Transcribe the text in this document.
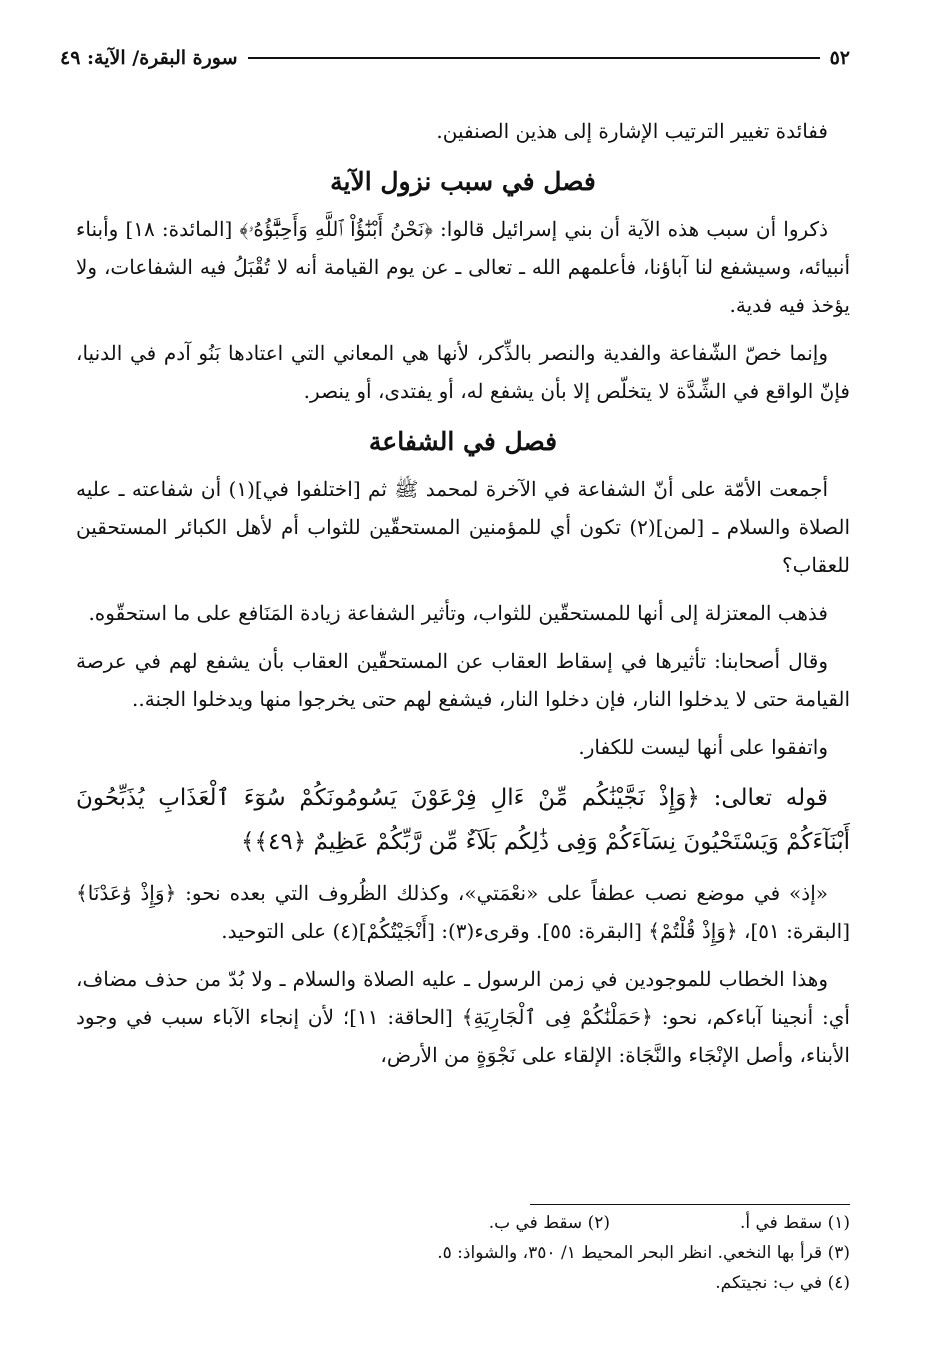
٥٢
سورة البقرة/ الآية: ٤٩

ففائدة تغيير الترتيب الإشارة إلى هذين الصنفين.

فصل في سبب نزول الآية

ذكروا أن سبب هذه الآية أن بني إسرائيل قالوا: ﴿نَحْنُ أَبْنَٰٓؤُاْ ٱللَّهِ وَأَحِبَّٰٓؤُهُۥ﴾ [المائدة: ١٨] وأبناء أنبيائه، وسيشفع لنا آباؤنا، فأعلمهم الله ـ تعالى ـ عن يوم القيامة أنه لا تُقْبَلُ فيه الشفاعات، ولا يؤخذ فيه فدية.

وإنما خصّ الشّفاعة والفدية والنصر بالذِّكر، لأنها هي المعاني التي اعتادها بَنُو آدم في الدنيا، فإنّ الواقع في الشِّدَّة لا يتخلّص إلا بأن يشفع له، أو يفتدى، أو ينصر.

فصل في الشفاعة

أجمعت الأمّة على أنّ الشفاعة في الآخرة لمحمد ﷺ ثم [اختلفوا في](١) أن شفاعته ـ عليه الصلاة والسلام ـ [لمن](٢) تكون أي للمؤمنين المستحقّين للثواب أم لأهل الكبائر المستحقين للعقاب؟

فذهب المعتزلة إلى أنها للمستحقّين للثواب، وتأثير الشفاعة زيادة المَنَافع على ما استحقّوه.

وقال أصحابنا: تأثيرها في إسقاط العقاب عن المستحقّين العقاب بأن يشفع لهم في عرصة القيامة حتى لا يدخلوا النار، فإن دخلوا النار، فيشفع لهم حتى يخرجوا منها ويدخلوا الجنة..

واتفقوا على أنها ليست للكفار.

قوله تعالى: ﴿وَإِذْ نَجَّيْنَٰكُم مِّنْ ءَالِ فِرْعَوْنَ يَسُومُونَكُمْ سُوٓءَ ٱلْعَذَابِ يُذَبِّحُونَ أَبْنَآءَكُمْ وَيَسْتَحْيُونَ نِسَآءَكُمْ وَفِى ذَٰلِكُم بَلَآءٌ مِّن رَّبِّكُمْ عَظِيمٌ ﴿٤٩﴾﴾

«إذ» في موضع نصب عطفاً على «نعْمَتي»، وكذلك الظُروف التي بعده نحو: ﴿وَإِذْ وَٰعَدْنَا﴾ [البقرة: ٥١]، ﴿وَإِذْ قُلْتُمْ﴾ [البقرة: ٥٥]. وقرىء(٣): [أَنْجَيْتُكُمْ](٤) على التوحيد.

وهذا الخطاب للموجودين في زمن الرسول ـ عليه الصلاة والسلام ـ ولا بُدّ من حذف مضاف، أي: أنجينا آباءكم، نحو: ﴿حَمَلْنَٰكُمْ فِى ٱلْجَارِيَةِ﴾ [الحاقة: ١١]؛ لأن إنجاء الآباء سبب في وجود الأبناء، وأصل الإنْجَاء والنَّجَاة: الإلقاء على نَجْوَةٍ من الأرض،

(١) سقط في أ.
(٢) سقط في ب.
(٣) قرأ بها النخعي. انظر البحر المحيط ١/ ٣٥٠، والشواذ: ٥.
(٤) في ب: نجيتكم.
